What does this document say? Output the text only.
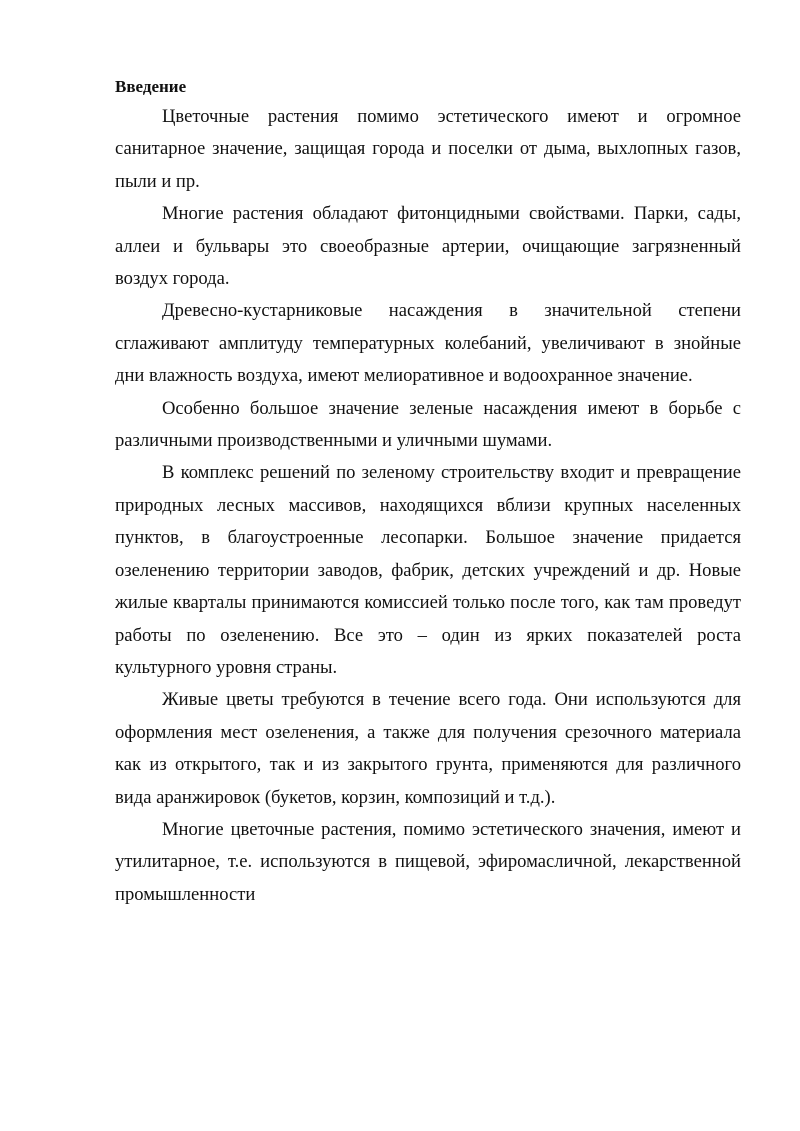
Введение

Цветочные растения помимо эстетического имеют и огромное санитарное значение, защищая города и поселки от дыма, выхлопных газов, пыли и пр.

Многие растения обладают фитонцидными свойствами. Парки, сады, аллеи и бульвары это своеобразные артерии, очищающие загрязненный воздух города.

Древесно-кустарниковые насаждения в значительной степени сглаживают амплитуду температурных колебаний, увеличивают в знойные дни влажность воздуха, имеют мелиоративное и водоохранное значение.

Особенно большое значение зеленые насаждения имеют в борьбе с различными производственными и уличными шумами.

В комплекс решений по зеленому строительству входит и превращение природных лесных массивов, находящихся вблизи крупных населенных пунктов, в благоустроенные лесопарки. Большое значение придается озеленению территории заводов, фабрик, детских учреждений и др. Новые жилые кварталы принимаются комиссией только после того, как там проведут работы по озеленению. Все это – один из ярких показателей роста культурного уровня страны.

Живые цветы требуются в течение всего года. Они используются для оформления мест озеленения, а также для получения срезочного материала как из открытого, так и из закрытого грунта, применяются для различного вида аранжировок (букетов, корзин, композиций и т.д.).

Многие цветочные растения, помимо эстетического значения, имеют и утилитарное, т.е. используются в пищевой, эфиромасличной, лекарственной промышленности
